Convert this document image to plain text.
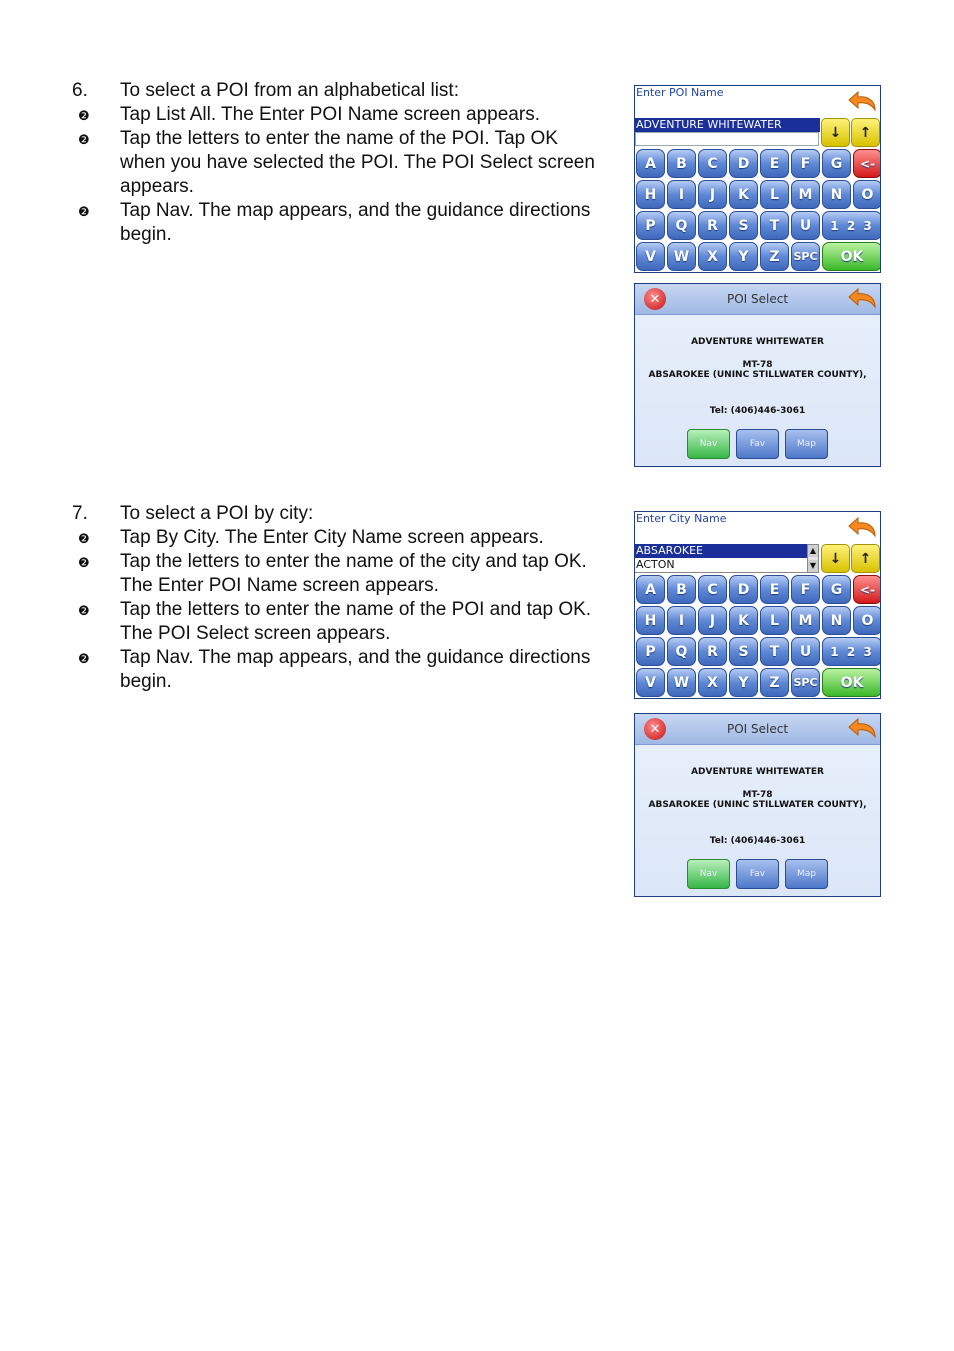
6. To select a POI from an alphabetical list:
❷ Tap List All. The Enter POI Name screen appears.
❷ Tap the letters to enter the name of the POI. Tap OK when you have selected the POI. The POI Select screen appears.
❷ Tap Nav. The map appears, and the guidance directions begin.
7. To select a POI by city:
❷ Tap By City. The Enter City Name screen appears.
❷ Tap the letters to enter the name of the city and tap OK. The Enter POI Name screen appears.
❷ Tap the letters to enter the name of the POI and tap OK. The POI Select screen appears.
❷ Tap Nav. The map appears, and the guidance directions begin.
Enter POI Name
ADVENTURE WHITEWATER	↓	↑
A	B	C	D	E	F	G	<-
H	I	J	K	L	M	N	O
P	Q	R	S	T	U	1 2 3
V	W	X	Y	Z	SPC	OK
✕	POI Select
ADVENTURE WHITEWATER
MT-78
ABSAROKEE (UNINC STILLWATER COUNTY),
Tel: (406)446-3061
Nav	Fav	Map
Enter City Name
ABSAROKEE
ACTON
▲
▼ ↓	↑
A	B	C	D	E	F	G	<-
H	I	J	K	L	M	N	O
P	Q	R	S	T	U	1 2 3
V	W	X	Y	Z	SPC	OK
✕	POI Select
ADVENTURE WHITEWATER
MT-78
ABSAROKEE (UNINC STILLWATER COUNTY),
Tel: (406)446-3061
Nav	Fav	Map
